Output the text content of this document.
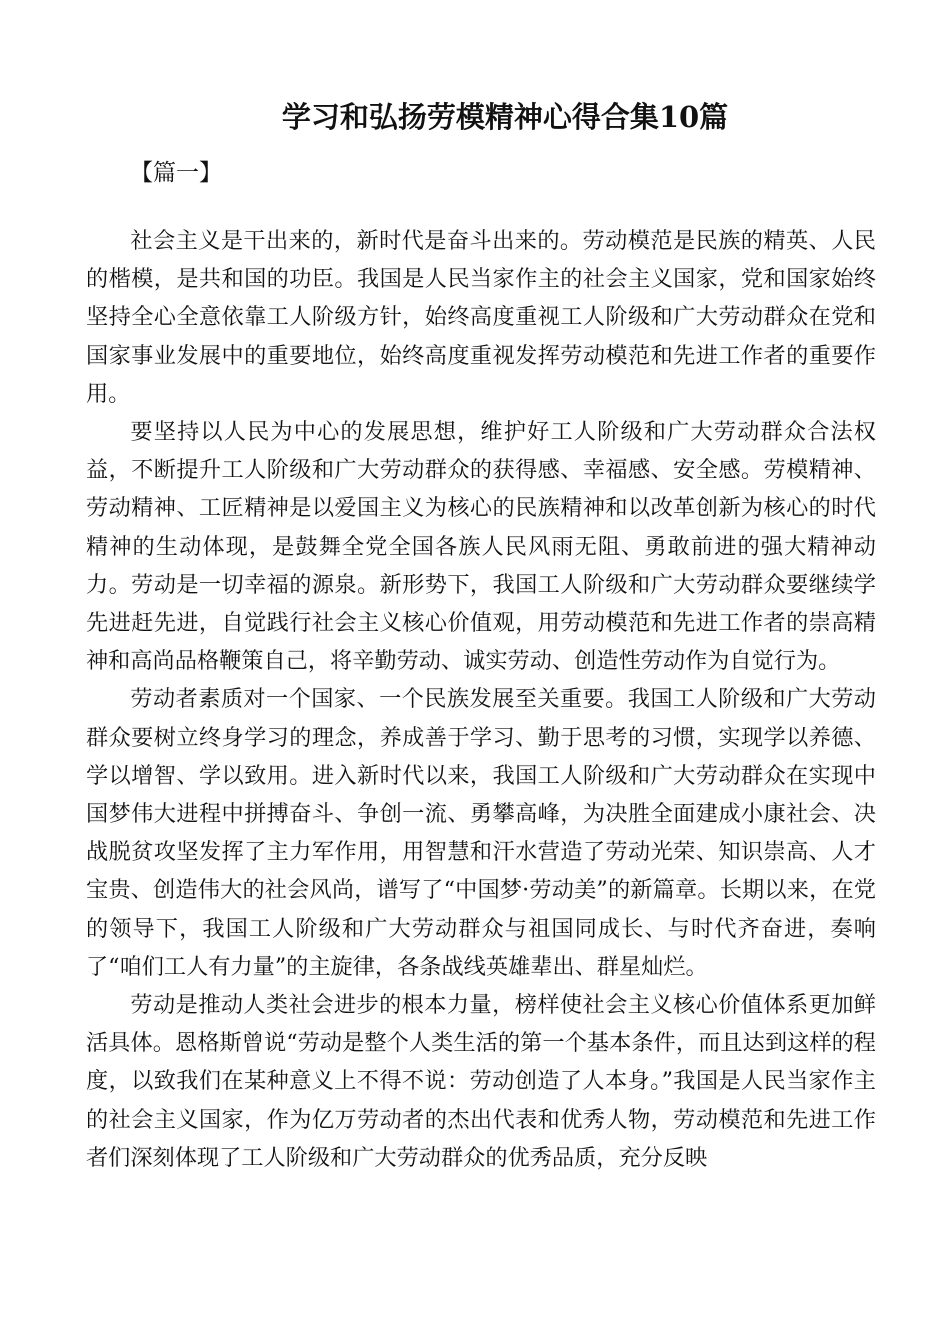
学习和弘扬劳模精神心得合集10篇
【篇一】

社会主义是干出来的，新时代是奋斗出来的。劳动模范是民族的精英、人民的楷模，是共和国的功臣。我国是人民当家作主的社会主义国家，党和国家始终坚持全心全意依靠工人阶级方针，始终高度重视工人阶级和广大劳动群众在党和国家事业发展中的重要地位，始终高度重视发挥劳动模范和先进工作者的重要作用。

要坚持以人民为中心的发展思想，维护好工人阶级和广大劳动群众合法权益，不断提升工人阶级和广大劳动群众的获得感、幸福感、安全感。劳模精神、劳动精神、工匠精神是以爱国主义为核心的民族精神和以改革创新为核心的时代精神的生动体现，是鼓舞全党全国各族人民风雨无阻、勇敢前进的强大精神动力。劳动是一切幸福的源泉。新形势下，我国工人阶级和广大劳动群众要继续学先进赶先进，自觉践行社会主义核心价值观，用劳动模范和先进工作者的崇高精神和高尚品格鞭策自己，将辛勤劳动、诚实劳动、创造性劳动作为自觉行为。

劳动者素质对一个国家、一个民族发展至关重要。我国工人阶级和广大劳动群众要树立终身学习的理念，养成善于学习、勤于思考的习惯，实现学以养德、学以增智、学以致用。进入新时代以来，我国工人阶级和广大劳动群众在实现中国梦伟大进程中拼搏奋斗、争创一流、勇攀高峰，为决胜全面建成小康社会、决战脱贫攻坚发挥了主力军作用，用智慧和汗水营造了劳动光荣、知识崇高、人才宝贵、创造伟大的社会风尚，谱写了“中国梦·劳动美”的新篇章。长期以来，在党的领导下，我国工人阶级和广大劳动群众与祖国同成长、与时代齐奋进，奏响了“咱们工人有力量”的主旋律，各条战线英雄辈出、群星灿烂。

劳动是推动人类社会进步的根本力量，榜样使社会主义核心价值体系更加鲜活具体。恩格斯曾说“劳动是整个人类生活的第一个基本条件，而且达到这样的程度，以致我们在某种意义上不得不说：劳动创造了人本身。”我国是人民当家作主的社会主义国家，作为亿万劳动者的杰出代表和优秀人物，劳动模范和先进工作者们深刻体现了工人阶级和广大劳动群众的优秀品质，充分反映
